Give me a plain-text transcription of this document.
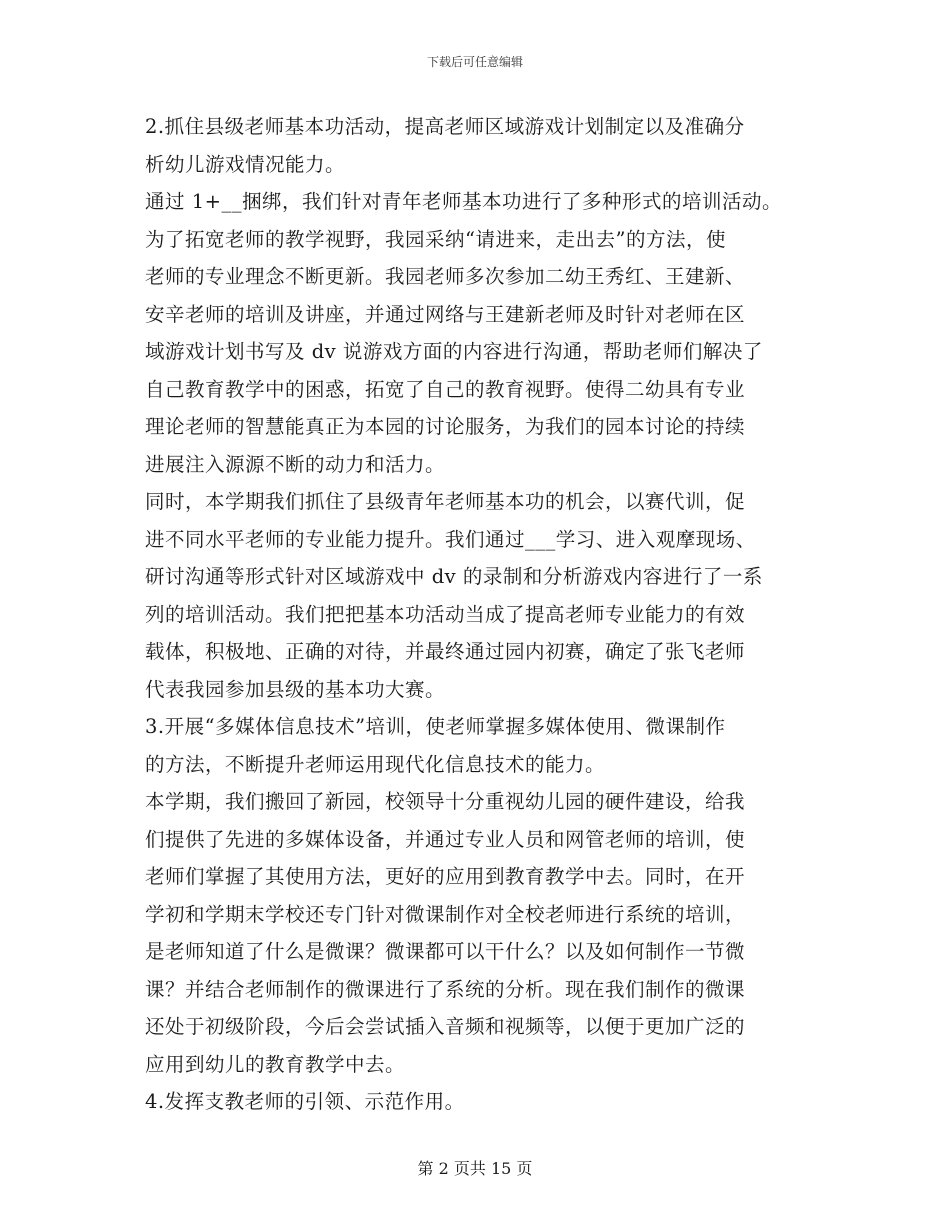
下载后可任意编辑
2.抓住县级老师基本功活动，提高老师区域游戏计划制定以及准确分
析幼儿游戏情况能力。
通过 1+__捆绑，我们针对青年老师基本功进行了多种形式的培训活动。
为了拓宽老师的教学视野，我园采纳“请进来，走出去”的方法，使
老师的专业理念不断更新。我园老师多次参加二幼王秀红、王建新、
安辛老师的培训及讲座，并通过网络与王建新老师及时针对老师在区
域游戏计划书写及 dv 说游戏方面的内容进行沟通，帮助老师们解决了
自己教育教学中的困惑，拓宽了自己的教育视野。使得二幼具有专业
理论老师的智慧能真正为本园的讨论服务，为我们的园本讨论的持续
进展注入源源不断的动力和活力。
同时，本学期我们抓住了县级青年老师基本功的机会，以赛代训，促
进不同水平老师的专业能力提升。我们通过___学习、进入观摩现场、
研讨沟通等形式针对区域游戏中 dv 的录制和分析游戏内容进行了一系
列的培训活动。我们把把基本功活动当成了提高老师专业能力的有效
载体，积极地、正确的对待，并最终通过园内初赛，确定了张飞老师
代表我园参加县级的基本功大赛。
3.开展“多媒体信息技术”培训，使老师掌握多媒体使用、微课制作
的方法，不断提升老师运用现代化信息技术的能力。
本学期，我们搬回了新园，校领导十分重视幼儿园的硬件建设，给我
们提供了先进的多媒体设备，并通过专业人员和网管老师的培训，使
老师们掌握了其使用方法，更好的应用到教育教学中去。同时，在开
学初和学期末学校还专门针对微课制作对全校老师进行系统的培训，
是老师知道了什么是微课？微课都可以干什么？以及如何制作一节微
课？并结合老师制作的微课进行了系统的分析。现在我们制作的微课
还处于初级阶段，今后会尝试插入音频和视频等，以便于更加广泛的
应用到幼儿的教育教学中去。
4.发挥支教老师的引领、示范作用。
第 2 页共 15 页
